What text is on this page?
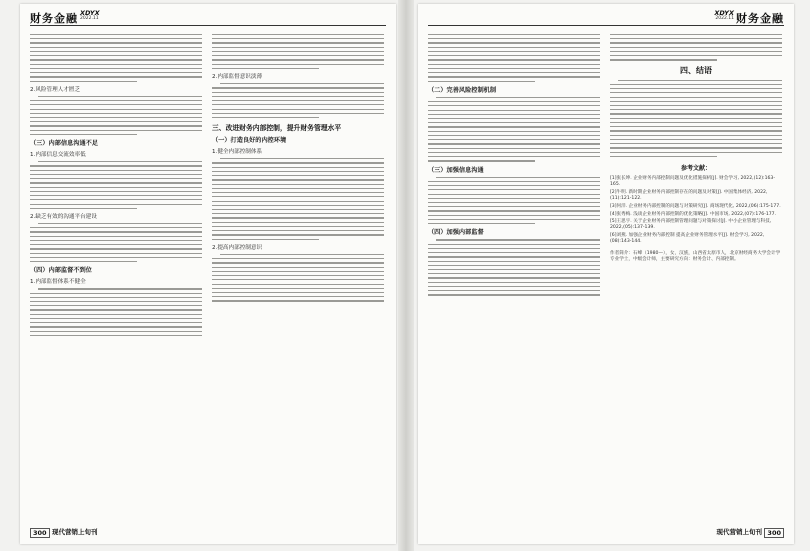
财务金融 XDYX
2022.11
2.风险管理人才匮乏
（三）内部信息沟通不足
1.内部信息交流效率低
2.缺乏有效的沟通平台建设
（四）内部监督不到位
1.内部监督体系不健全
2.内部监督意识淡薄
三、改进财务内部控制，提升财务管理水平
（一）打造良好的内控环境
1.健全内部控制体系
2.提高内部控制意识
300 现代营销上旬刊
XDYX
2022.11 财务金融
（二）完善风险控制机制
（三）加强信息沟通
（四）加强内部监督
四、结语
参考文献：
[1]张长坤. 企业财务内部控制问题及优化措施探析[J]. 财会学习, 2022,(12):163-165.
[2]牛明. 新时期企业财务内部控制存在的问题及对策[J]. 中国集体经济, 2022,(11):121-122.
[3]何洋. 企业财务内部控制的问题与对策研究[J]. 商场现代化, 2022,(06):175-177.
[4]张秀梅. 浅谈企业财务内部控制的优化策略[J]. 中国市场, 2022,(07):176-177.
[5]王思宇. 关于企业财务内部控制管理问题与对策探讨[J]. 中小企业管理与科技, 2022,(05):137-139.
[6]刘燕. 加强企业财务内部控制 提高企业财务管理水平[J]. 财会学习, 2022,(08):143-144.
作者简介：石峰（1980—），女，汉族，山西省太原市人，北京财经商务大学会计学专业学士，中级会计师，主要研究方向：财务会计、内部控制。
现代营销上旬刊 300
